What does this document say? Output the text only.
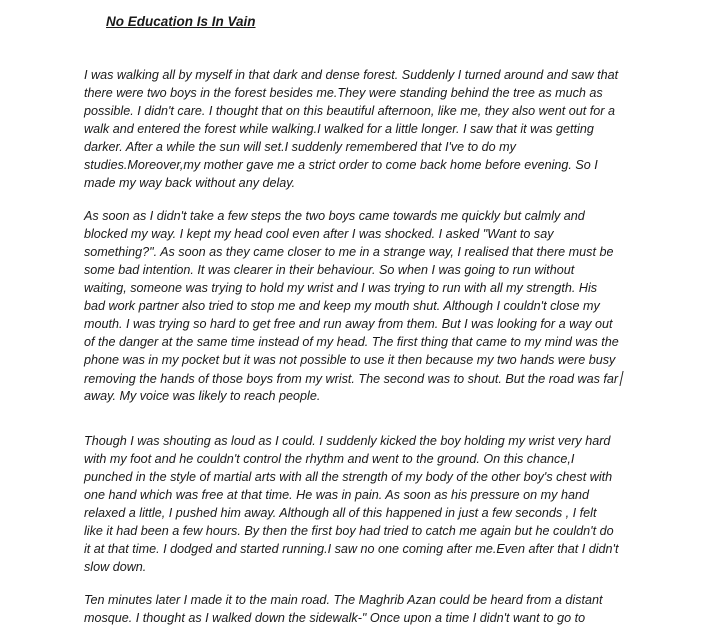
No Education Is In Vain
I was walking all by myself in that dark and dense forest. Suddenly I turned around and saw that
there were two boys in the forest besides me.They were standing behind the tree as much as
possible. I didn't care. I thought that on this beautiful afternoon, like me, they also went out for a
walk and entered the forest while walking.I walked for a little longer. I saw that it was getting
darker. After a while the sun will set.I suddenly remembered that I've to do my
studies.Moreover,my mother gave me a strict order to come back home before evening. So I
made my way back without any delay.
As soon as I didn't take a few steps the two boys came towards me quickly but calmly and
blocked my way. I kept my head cool even after I was shocked. I asked "Want to say
something?". As soon as they came closer to me in a strange way, I realised that there must be
some bad intention. It was clearer in their behaviour. So when I was going to run without
waiting, someone was trying to hold my wrist and I was trying to run with all my strength. His
bad work partner also tried to stop me and keep my mouth shut. Although I couldn't close my
mouth. I was trying so hard to get free and run away from them. But I was looking for a way out
of the danger at the same time instead of my head. The first thing that came to my mind was the
phone was in my pocket but it was not possible to use it then because my two hands were busy
removing the hands of those boys from my wrist. The second was to shout. But the road was far
away. My voice was likely to reach people.
Though I was shouting as loud as I could. I suddenly kicked the boy holding my wrist very hard
with my foot and he couldn't control the rhythm and went to the ground. On this chance,I
punched in the style of martial arts with all the strength of my body of the other boy's chest with
one hand which was free at that time. He was in pain. As soon as his pressure on my hand
relaxed a little, I pushed him away. Although all of this happened in just a few seconds , I felt
like it had been a few hours. By then the first boy had tried to catch me again but he couldn't do
it at that time. I dodged and started running.I saw no one coming after me.Even after that I didn't
slow down.
Ten minutes later I made it to the main road. The Maghrib Azan could be heard from a distant
mosque. I thought as I walked down the sidewalk-" Once upon a time I didn't want to go to
